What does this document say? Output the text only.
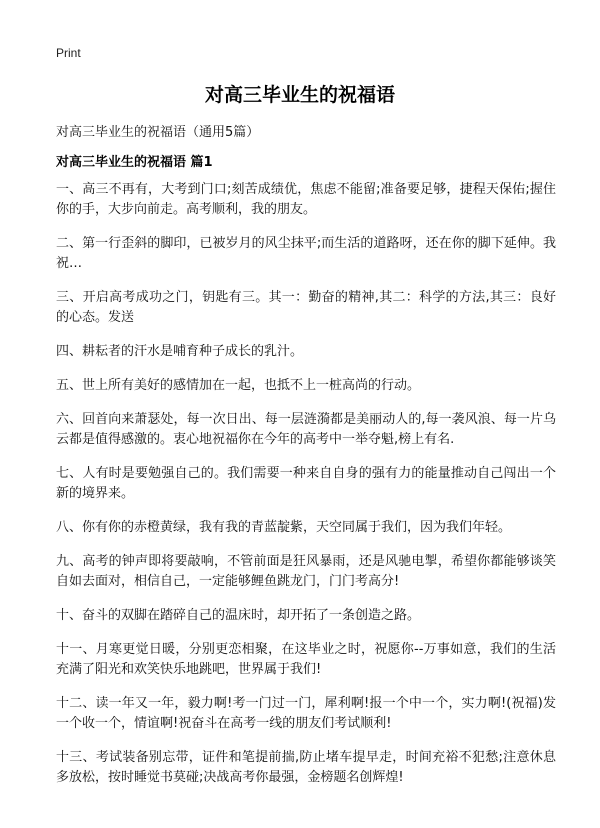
Print
对高三毕业生的祝福语

对高三毕业生的祝福语（通用5篇）

对高三毕业生的祝福语 篇1

一、高三不再有，大考到门口;刻苦成绩优，焦虑不能留;准备要足够，捷程天保佑;握住你的手，大步向前走。高考顺利，我的朋友。

二、第一行歪斜的脚印，已被岁月的风尘抹平;而生活的道路呀，还在你的脚下延伸。我祝…

三、开启高考成功之门，钥匙有三。其一：勤奋的精神,其二：科学的方法,其三：良好的心态。发送

四、耕耘者的汗水是哺育种子成长的乳汁。

五、世上所有美好的感情加在一起，也抵不上一桩高尚的行动。

六、回首向来萧瑟处，每一次日出、每一层涟漪都是美丽动人的,每一袭风浪、每一片乌云都是值得感激的。衷心地祝福你在今年的高考中一举夺魁,榜上有名.

七、人有时是要勉强自己的。我们需要一种来自自身的强有力的能量推动自己闯出一个新的境界来。

八、你有你的赤橙黄绿，我有我的青蓝靛紫，天空同属于我们，因为我们年轻。

九、高考的钟声即将要敲响，不管前面是狂风暴雨，还是风驰电掣，希望你都能够谈笑自如去面对，相信自己，一定能够鲤鱼跳龙门，门门考高分!

十、奋斗的双脚在踏碎自己的温床时，却开拓了一条创造之路。

十一、月寒更觉日暖，分别更恋相聚，在这毕业之时，祝愿你--万事如意，我们的生活充满了阳光和欢笑快乐地跳吧，世界属于我们!

十二、读一年又一年，毅力啊!考一门过一门，犀利啊!报一个中一个，实力啊!(祝福)发一个收一个，情谊啊!祝奋斗在高考一线的朋友们考试顺利!

十三、考试装备别忘带，证件和笔提前揣,防止堵车提早走，时间充裕不犯愁;注意休息多放松，按时睡觉书莫碰;决战高考你最强，金榜题名创辉煌!
